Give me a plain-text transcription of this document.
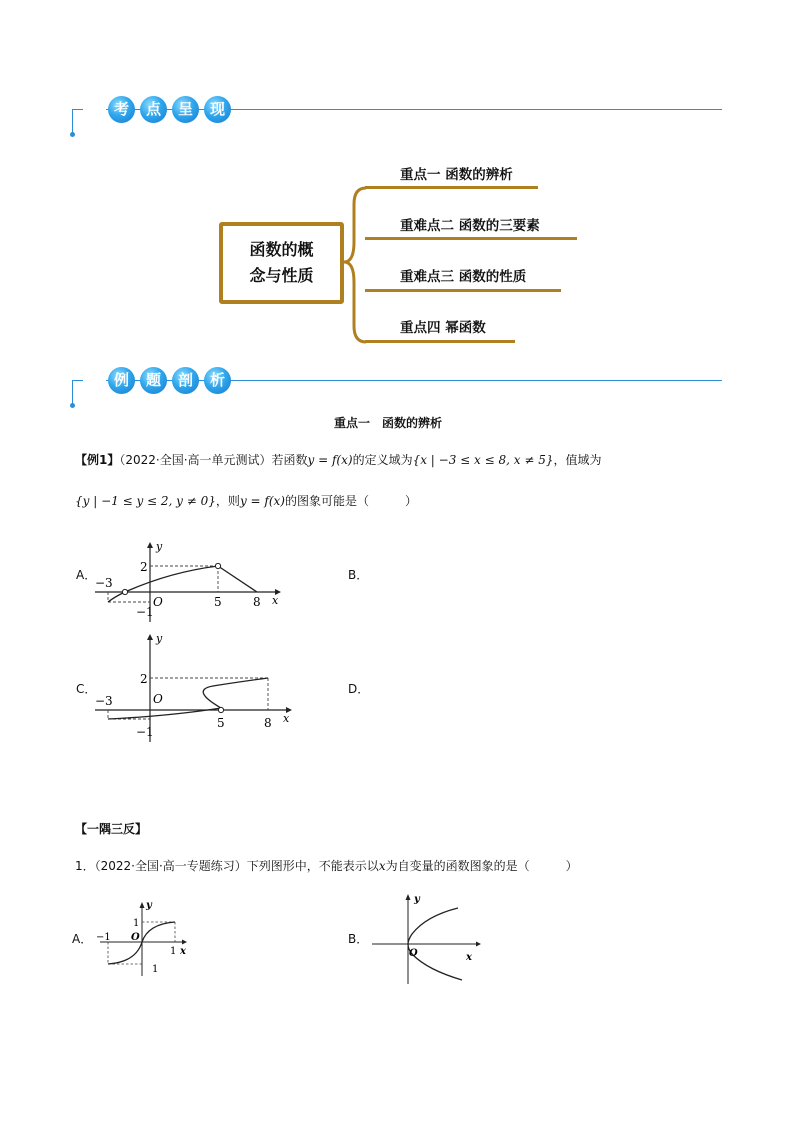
考	点	呈	现
函数的概
念与性质
重点一 函数的辨析
重难点二 函数的三要素
重难点三 函数的性质
重点四 幂函数
例	题	剖	析
重点一　函数的辨析
【例1】（2022·全国·高一单元测试）若函数y = f(x)的定义域为{x | −3 ≤ x ≤ 8, x ≠ 5}，值域为
{y | −1 ≤ y ≤ 2, y ≠ 0}，则y = f(x)的图象可能是（　　　）
A．	B．
C．	D．
y
x
−3
2
−1
O	5	8
y
x
−3
2
−1
O
5	8
【一隅三反】
1．（2022·全国·高一专题练习）下列图形中，不能表示以x为自变量的函数图象的是（　　　）
A．	B．
y
x
1
−1 O
1
1
y
x
O
